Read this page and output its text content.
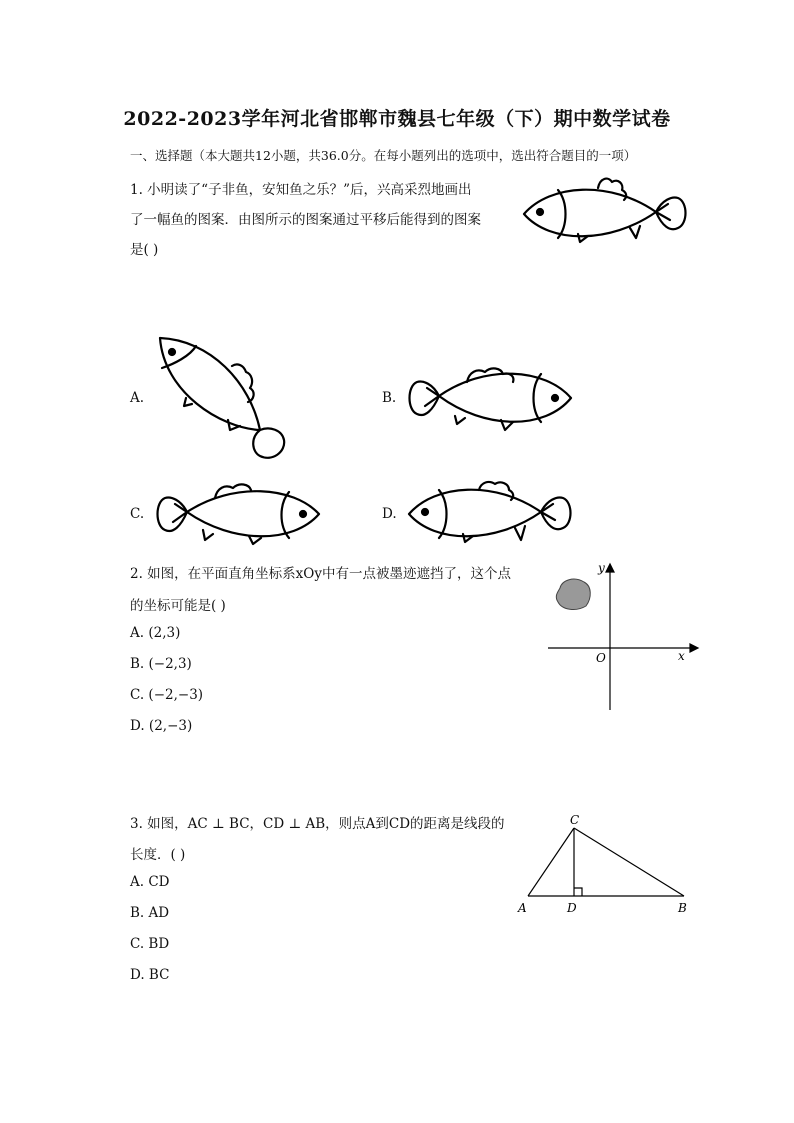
2022-2023学年河北省邯郸市魏县七年级（下）期中数学试卷
一、选择题（本大题共12小题，共36.0分。在每小题列出的选项中，选出符合题目的一项）
1. 小明读了“子非鱼，安知鱼之乐？”后，兴高采烈地画出
了一幅鱼的图案．由图所示的图案通过平移后能得到的图案
是( )
A.	B.
C.	D.
2. 如图，在平面直角坐标系xOy中有一点被墨迹遮挡了，这个点
的坐标可能是( )
A. (2,3)
B. (−2,3)
C. (−2,−3)
D. (2,−3)
y
x
O
3. 如图，AC ⊥ BC，CD ⊥ AB，则点A到CD的距离是线段的
长度．( )
A. CD
B. AD
C. BD
D. BC
C
A	D	B
